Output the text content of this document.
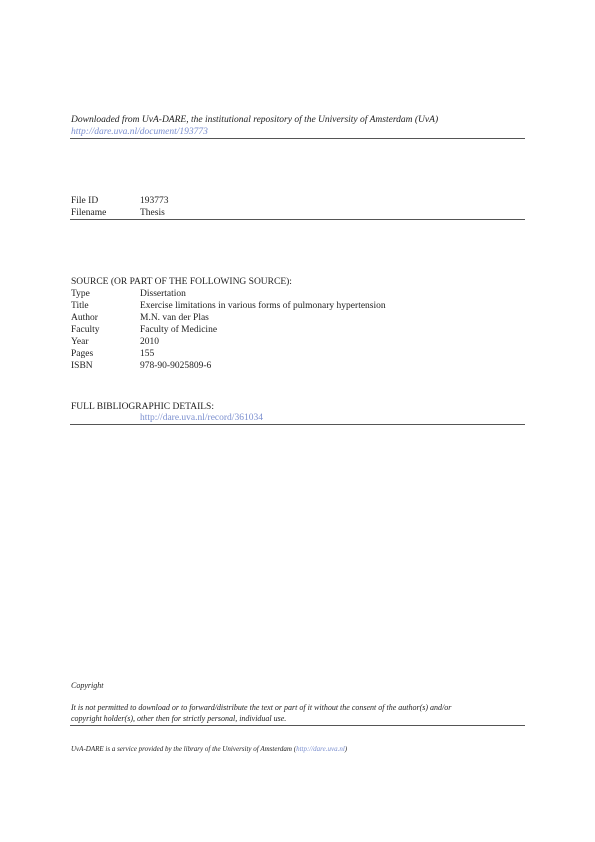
Downloaded from UvA-DARE, the institutional repository of the University of Amsterdam (UvA)
http://dare.uva.nl/document/193773
File ID	193773
Filename	Thesis
SOURCE (OR PART OF THE FOLLOWING SOURCE):
Type	Dissertation
Title	Exercise limitations in various forms of pulmonary hypertension
Author	M.N. van der Plas
Faculty	Faculty of Medicine
Year	2010
Pages	155
ISBN	978-90-9025809-6
FULL BIBLIOGRAPHIC DETAILS:
http://dare.uva.nl/record/361034
Copyright
It is not permitted to download or to forward/distribute the text or part of it without the consent of the author(s) and/or
copyright holder(s), other then for strictly personal, individual use.
UvA-DARE is a service provided by the library of the University of Amsterdam (http://dare.uva.nl)
